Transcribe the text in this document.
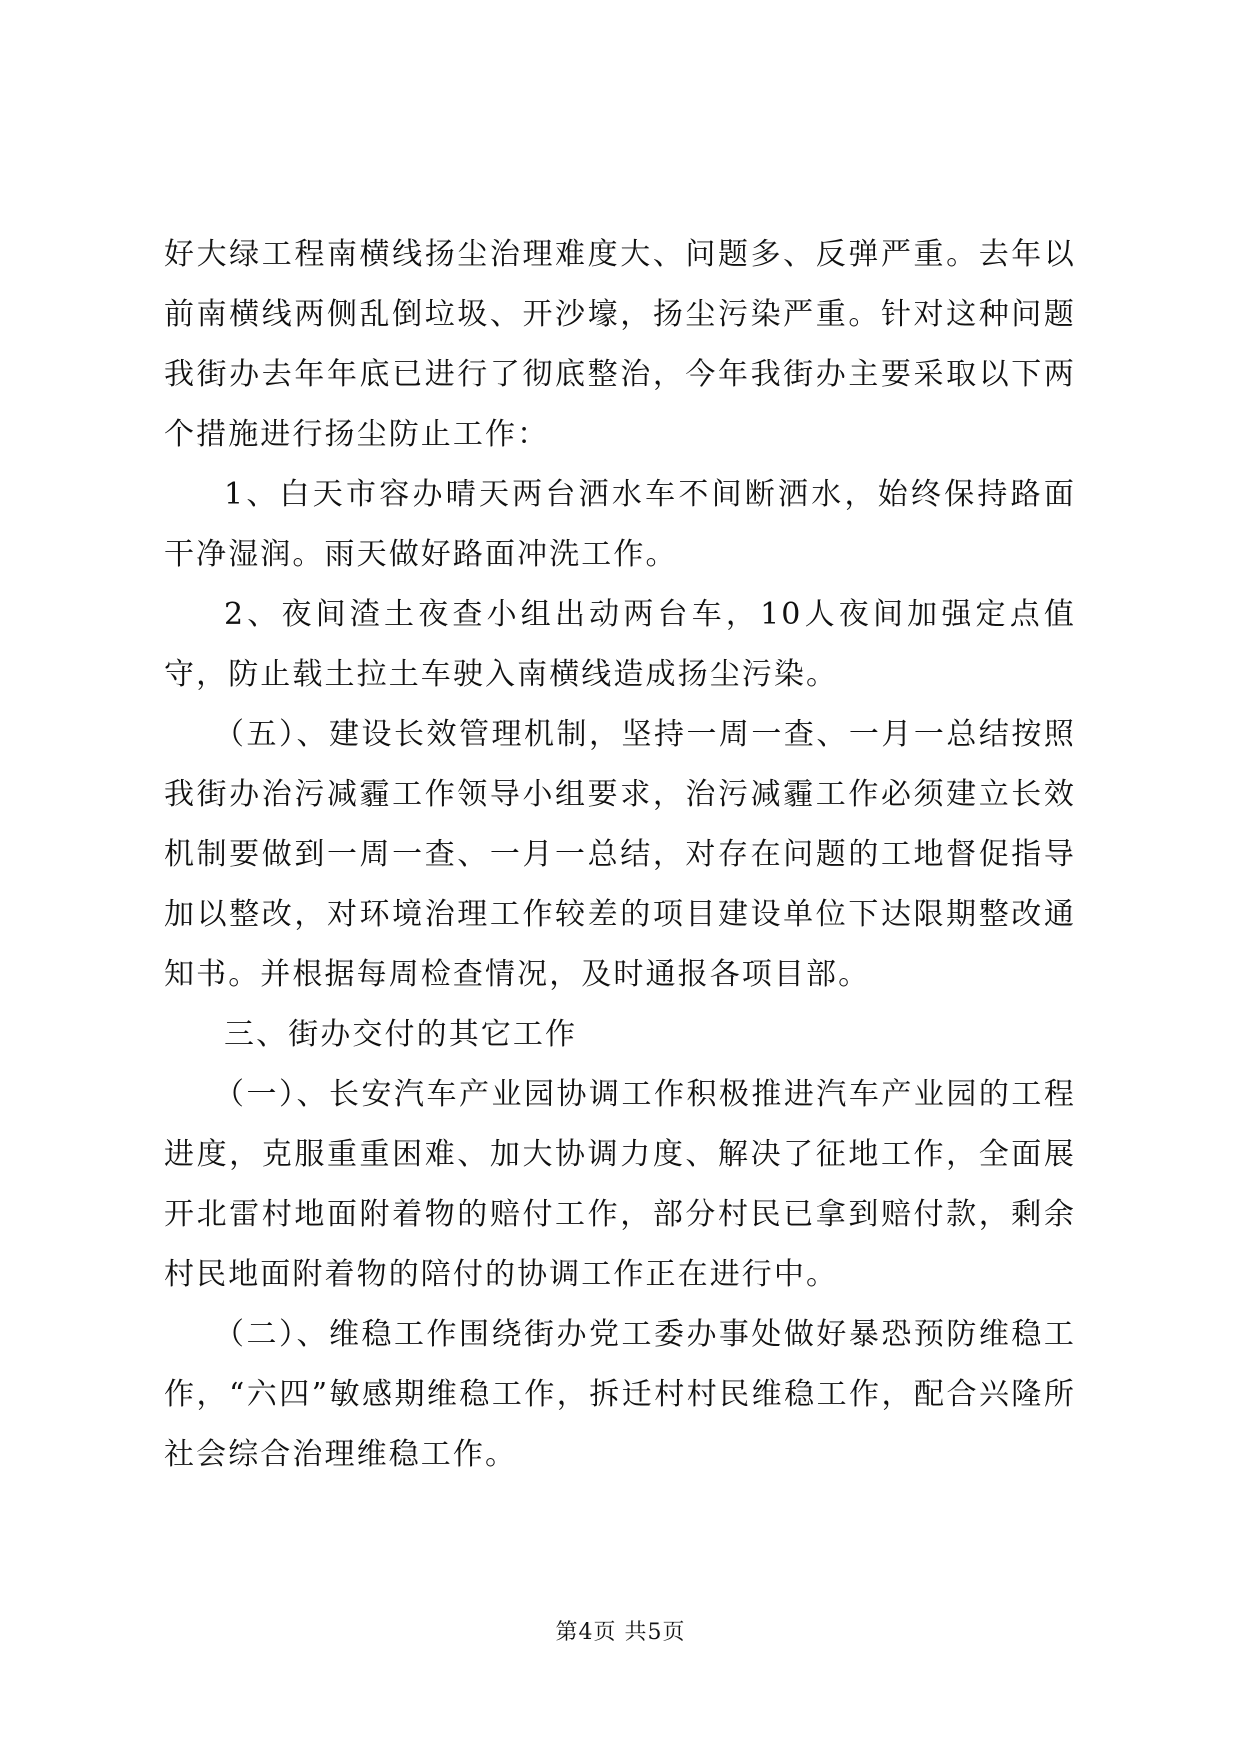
好大绿工程南横线扬尘治理难度大、问题多、反弹严重。去年以前南横线两侧乱倒垃圾、开沙壕，扬尘污染严重。针对这种问题我街办去年年底已进行了彻底整治，今年我街办主要采取以下两个措施进行扬尘防止工作：

1、白天市容办晴天两台洒水车不间断洒水，始终保持路面干净湿润。雨天做好路面冲洗工作。

2、夜间渣土夜查小组出动两台车，10人夜间加强定点值守，防止载土拉土车驶入南横线造成扬尘污染。

（五）、建设长效管理机制，坚持一周一查、一月一总结按照我街办治污减霾工作领导小组要求，治污减霾工作必须建立长效机制要做到一周一查、一月一总结，对存在问题的工地督促指导加以整改，对环境治理工作较差的项目建设单位下达限期整改通知书。并根据每周检查情况，及时通报各项目部。

三、街办交付的其它工作

（一）、长安汽车产业园协调工作积极推进汽车产业园的工程进度，克服重重困难、加大协调力度、解决了征地工作，全面展开北雷村地面附着物的赔付工作，部分村民已拿到赔付款，剩余村民地面附着物的陪付的协调工作正在进行中。

（二）、维稳工作围绕街办党工委办事处做好暴恐预防维稳工作，“六四”敏感期维稳工作，拆迁村村民维稳工作，配合兴隆所社会综合治理维稳工作。

第4页 共5页
